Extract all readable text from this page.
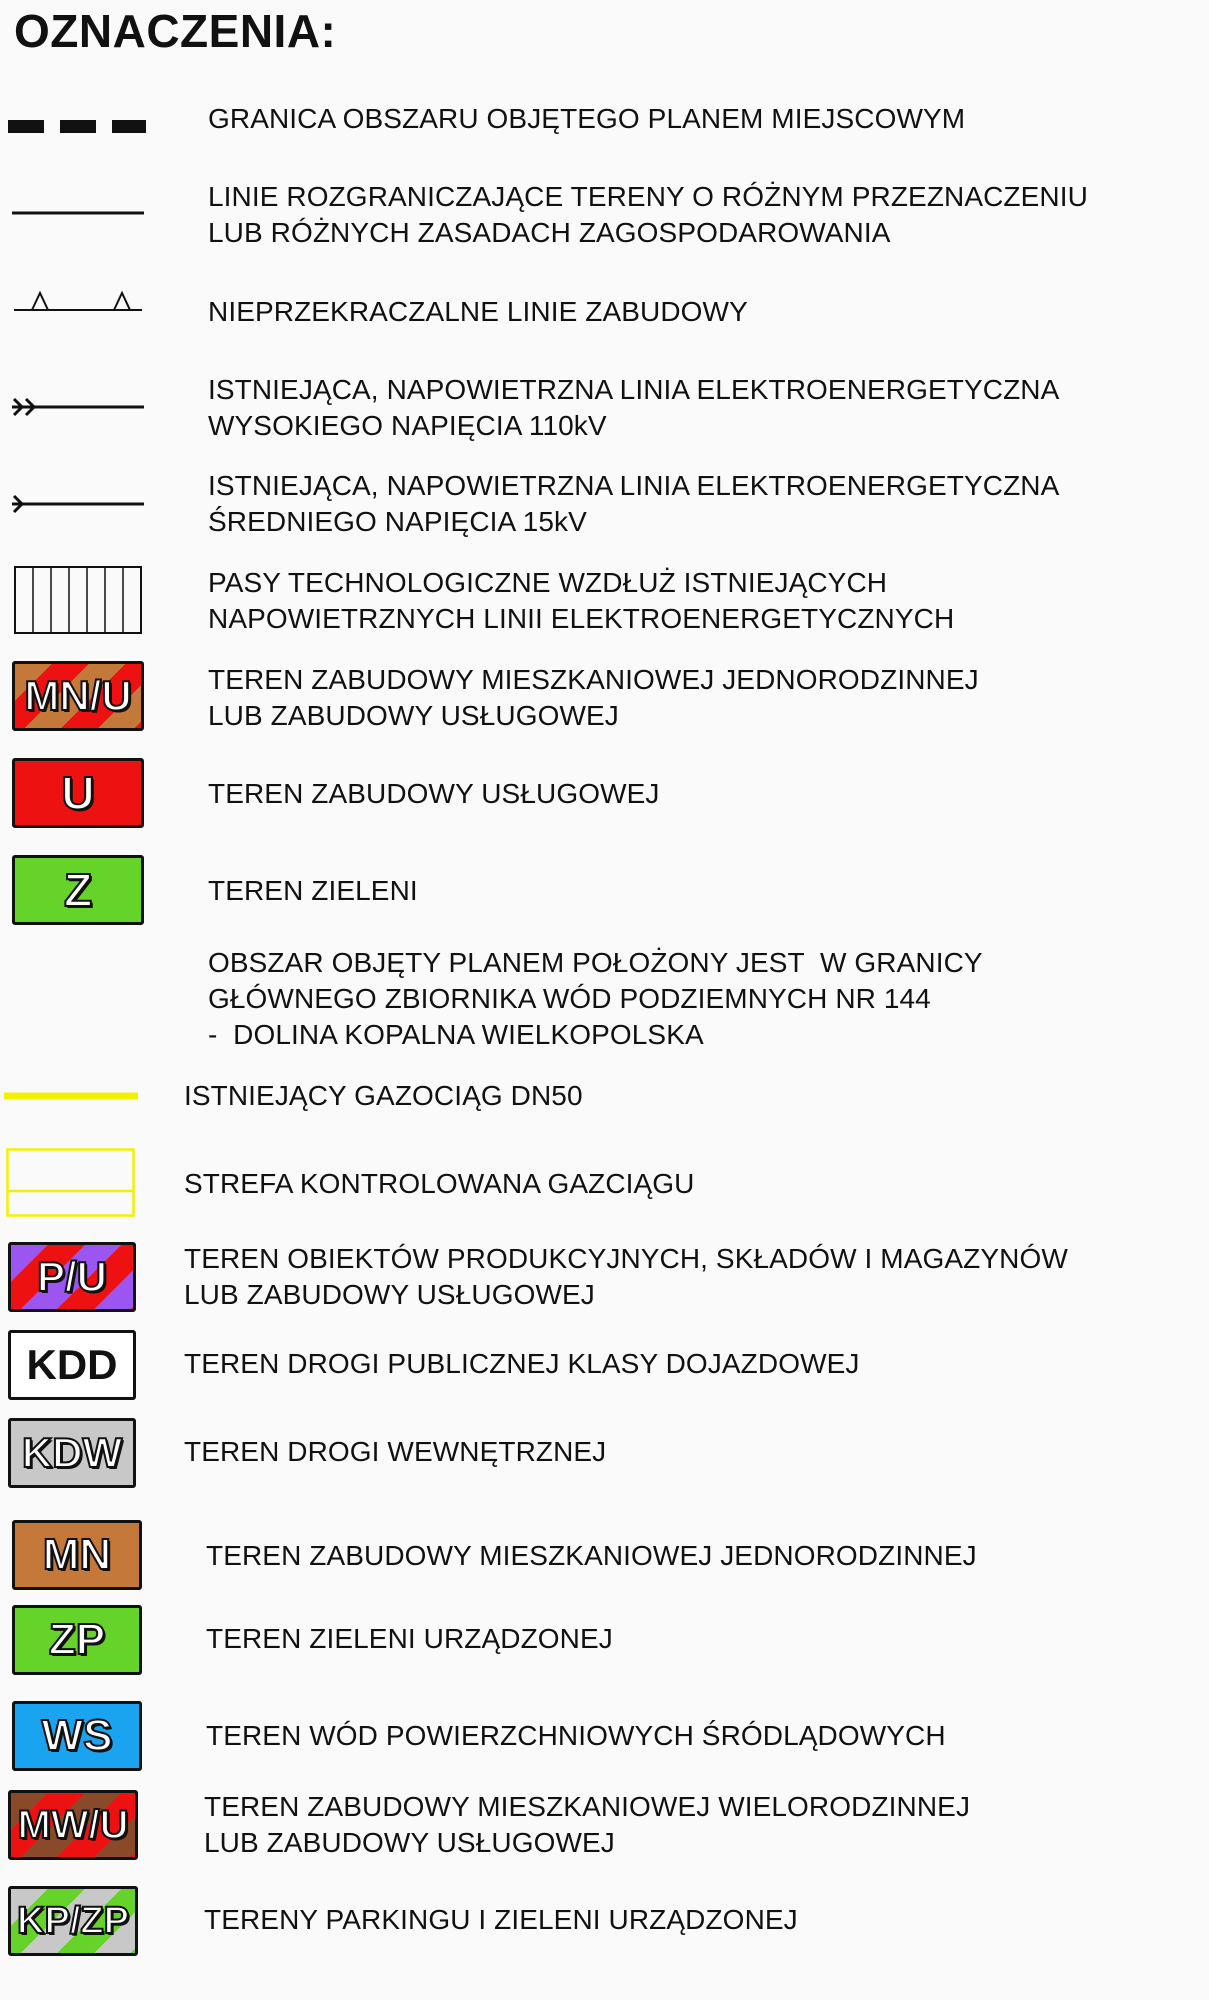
OZNACZENIA:
GRANICA OBSZARU OBJĘTEGO PLANEM MIEJSCOWYM
LINIE ROZGRANICZAJĄCE TERENY O RÓŻNYM PRZEZNACZENIU
LUB RÓŻNYCH ZASADACH ZAGOSPODAROWANIA
NIEPRZEKRACZALNE LINIE ZABUDOWY
ISTNIEJĄCA, NAPOWIETRZNA LINIA ELEKTROENERGETYCZNA
WYSOKIEGO NAPIĘCIA 110kV
ISTNIEJĄCA, NAPOWIETRZNA LINIA ELEKTROENERGETYCZNA
ŚREDNIEGO NAPIĘCIA 15kV
PASY TECHNOLOGICZNE WZDŁUŻ ISTNIEJĄCYCH
NAPOWIETRZNYCH LINII ELEKTROENERGETYCZNYCH
MN/U	TEREN ZABUDOWY MIESZKANIOWEJ JEDNORODZINNEJ
LUB ZABUDOWY USŁUGOWEJ
U	TEREN ZABUDOWY USŁUGOWEJ
Z	TEREN ZIELENI
OBSZAR OBJĘTY PLANEM POŁOŻONY JEST  W GRANICY
GŁÓWNEGO ZBIORNIKA WÓD PODZIEMNYCH NR 144
-  DOLINA KOPALNA WIELKOPOLSKA
ISTNIEJĄCY GAZOCIĄG DN50
STREFA KONTROLOWANA GAZCIĄGU
P/U	TEREN OBIEKTÓW PRODUKCYJNYCH, SKŁADÓW I MAGAZYNÓW
LUB ZABUDOWY USŁUGOWEJ
KDD TEREN DROGI PUBLICZNEJ KLASY DOJAZDOWEJ
KDW TEREN DROGI WEWNĘTRZNEJ
MN	TEREN ZABUDOWY MIESZKANIOWEJ JEDNORODZINNEJ
ZP	TEREN ZIELENI URZĄDZONEJ
WS	TEREN WÓD POWIERZCHNIOWYCH ŚRÓDLĄDOWYCH
MW/U	TEREN ZABUDOWY MIESZKANIOWEJ WIELORODZINNEJ
LUB ZABUDOWY USŁUGOWEJ
KP/ZP	TERENY PARKINGU I ZIELENI URZĄDZONEJ
